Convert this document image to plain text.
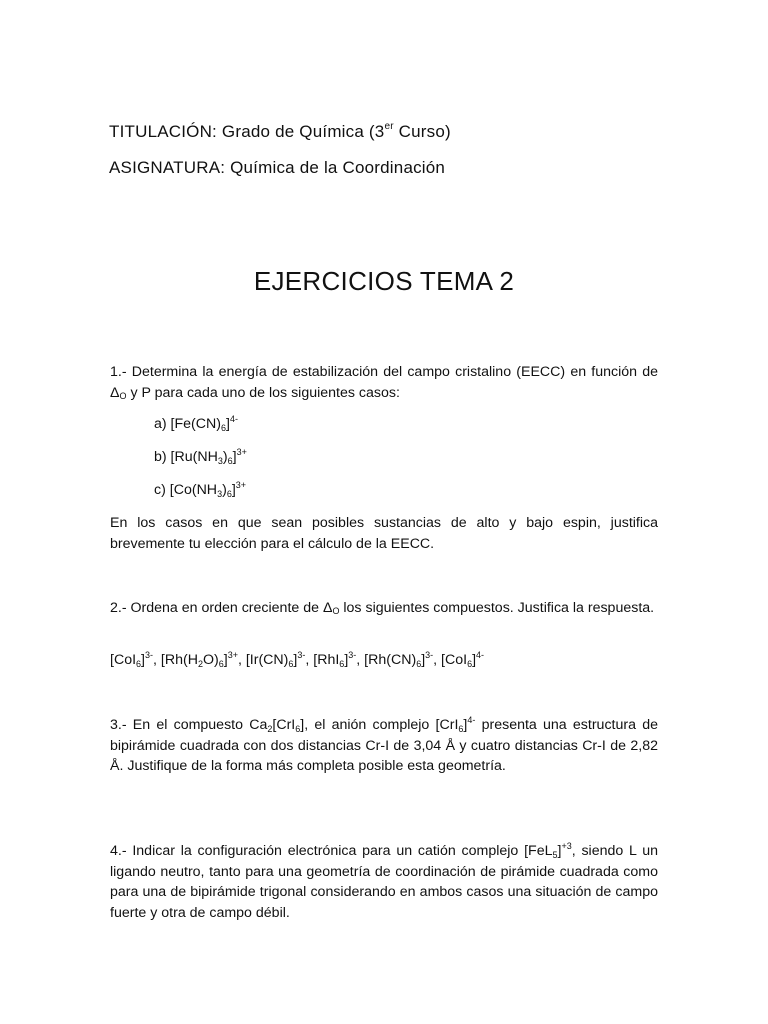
TITULACIÓN: Grado de Química (3er Curso)
ASIGNATURA: Química de la Coordinación
EJERCICIOS TEMA 2
1.- Determina la energía de estabilización del campo cristalino (EECC) en función de ΔO y P para cada uno de los siguientes casos:
a) $[Fe(CN)_6]^{4-}$
b) $[Ru(NH_3)_6]^{3+}$
c) $[Co(NH_3)_6]^{3+}$
En los casos en que sean posibles sustancias de alto y bajo espin, justifica brevemente tu elección para el cálculo de la EECC.
2.- Ordena en orden creciente de ΔO los siguientes compuestos. Justifica la respuesta.
$[CoI_6]^{3-}$, $[Rh(H_2O)_6]^{3+}$, $[Ir(CN)_6]^{3-}$, $[RhI_6]^{3-}$, $[Rh(CN)_6]^{3-}$, $[CoI_6]^{4-}$
3.- En el compuesto $Ca_2[CrI_6]$, el anión complejo $[CrI_6]^{4-}$ presenta una estructura de bipirámide cuadrada con dos distancias Cr-I de 3,04 Å y cuatro distancias Cr-I de 2,82 Å. Justifique de la forma más completa posible esta geometría.
4.- Indicar la configuración electrónica para un catión complejo $[FeL_5]^{+3}$, siendo L un ligando neutro, tanto para una geometría de coordinación de pirámide cuadrada como para una de bipirámide trigonal considerando en ambos casos una situación de campo fuerte y otra de campo débil.
